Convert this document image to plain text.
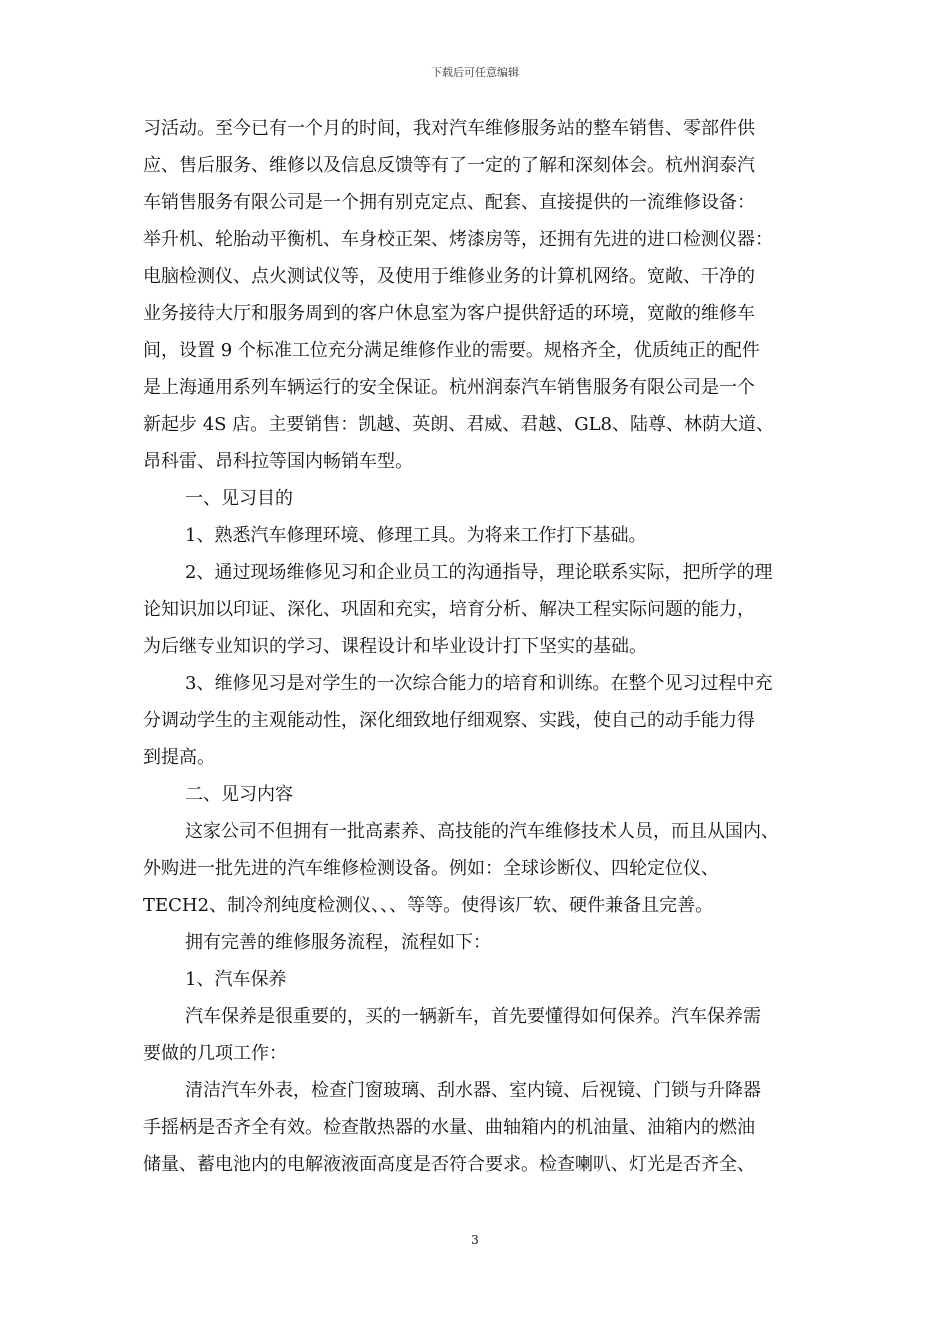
下载后可任意编辑
习活动。至今已有一个月的时间，我对汽车维修服务站的整车销售、零部件供
应、售后服务、维修以及信息反馈等有了一定的了解和深刻体会。杭州润泰汽
车销售服务有限公司是一个拥有别克定点、配套、直接提供的一流维修设备：
举升机、轮胎动平衡机、车身校正架、烤漆房等，还拥有先进的进口检测仪器：
电脑检测仪、点火测试仪等，及使用于维修业务的计算机网络。宽敞、干净的
业务接待大厅和服务周到的客户休息室为客户提供舒适的环境，宽敞的维修车
间，设置 9 个标准工位充分满足维修作业的需要。规格齐全，优质纯正的配件
是上海通用系列车辆运行的安全保证。杭州润泰汽车销售服务有限公司是一个
新起步 4S 店。主要销售：凯越、英朗、君威、君越、GL8、陆尊、林荫大道、
昂科雷、昂科拉等国内畅销车型。
一、见习目的
1、熟悉汽车修理环境、修理工具。为将来工作打下基础。
2、通过现场维修见习和企业员工的沟通指导，理论联系实际，把所学的理
论知识加以印证、深化、巩固和充实，培育分析、解决工程实际问题的能力，
为后继专业知识的学习、课程设计和毕业设计打下坚实的基础。
3、维修见习是对学生的一次综合能力的培育和训练。在整个见习过程中充
分调动学生的主观能动性，深化细致地仔细观察、实践，使自己的动手能力得
到提高。
二、见习内容
这家公司不但拥有一批高素养、高技能的汽车维修技术人员，而且从国内、
外购进一批先进的汽车维修检测设备。例如：全球诊断仪、四轮定位仪、
TECH2、制冷剂纯度检测仪、、、等等。使得该厂软、硬件兼备且完善。
拥有完善的维修服务流程，流程如下：
1、汽车保养
汽车保养是很重要的，买的一辆新车，首先要懂得如何保养。汽车保养需
要做的几项工作：
清洁汽车外表，检查门窗玻璃、刮水器、室内镜、后视镜、门锁与升降器
手摇柄是否齐全有效。检查散热器的水量、曲轴箱内的机油量、油箱内的燃油
储量、蓄电池内的电解液液面高度是否符合要求。检查喇叭、灯光是否齐全、
3
